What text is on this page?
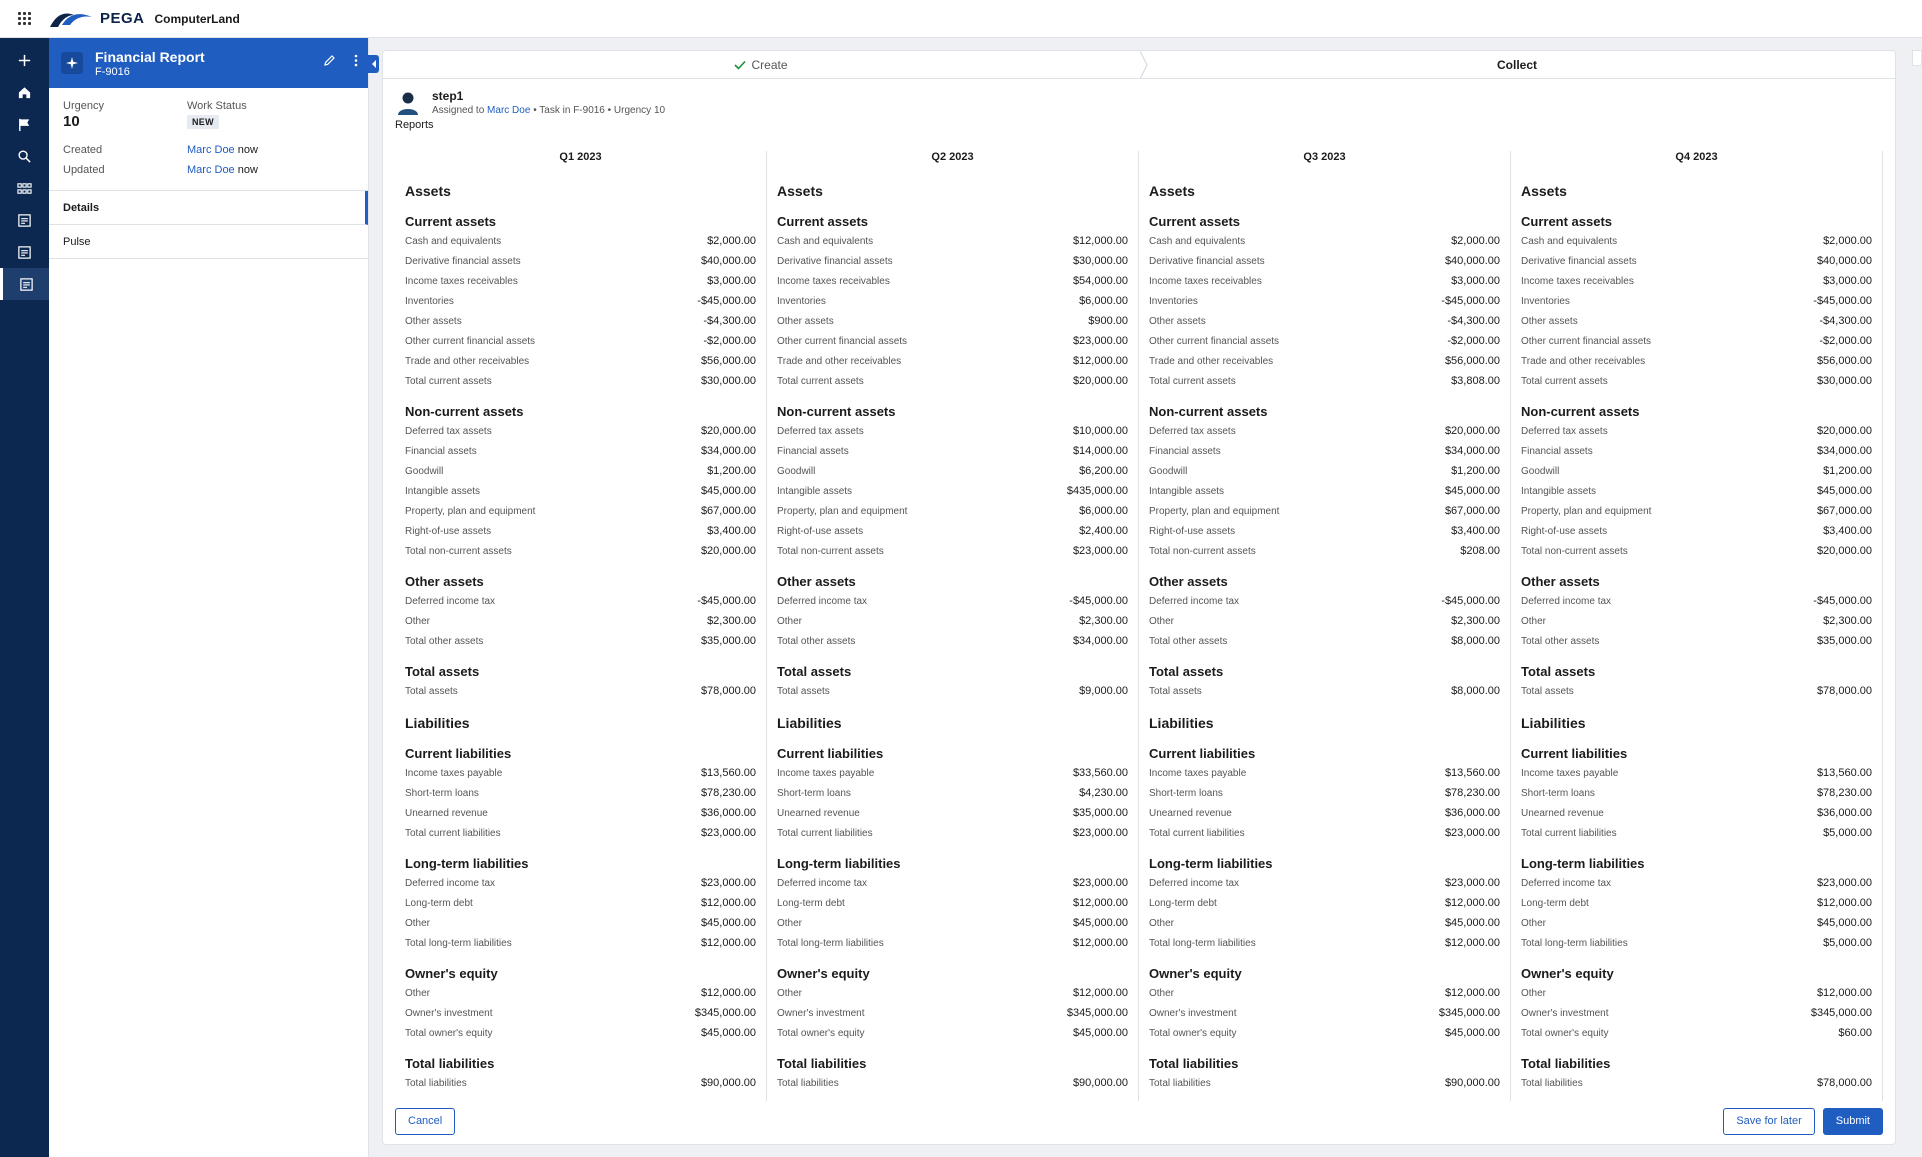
PEGA ComputerLand
Financial Report
F-9016
Urgency
10
Work Status
NEW
Created	Marc Doe now
Updated	Marc Doe now
Details
Pulse
Create	Collect
step1
Assigned to Marc Doe • Task in F-9016 • Urgency 10
Reports
Q1 2023
Assets
Current assets
Cash and equivalents	$2,000.00
Derivative financial assets	$40,000.00
Income taxes receivables	$3,000.00
Inventories	-$45,000.00
Other assets	-$4,300.00
Other current financial assets	-$2,000.00
Trade and other receivables	$56,000.00
Total current assets	$30,000.00
Non-current assets
Deferred tax assets	$20,000.00
Financial assets	$34,000.00
Goodwill	$1,200.00
Intangible assets	$45,000.00
Property, plan and equipment	$67,000.00
Right-of-use assets	$3,400.00
Total non-current assets	$20,000.00
Other assets
Deferred income tax	-$45,000.00
Other	$2,300.00
Total other assets	$35,000.00
Total assets
Total assets	$78,000.00
Liabilities
Current liabilities
Income taxes payable	$13,560.00
Short-term loans	$78,230.00
Unearned revenue	$36,000.00
Total current liabilities	$23,000.00
Long-term liabilities
Deferred income tax	$23,000.00
Long-term debt	$12,000.00
Other	$45,000.00
Total long-term liabilities	$12,000.00
Owner's equity
Other	$12,000.00
Owner's investment	$345,000.00
Total owner's equity	$45,000.00
Total liabilities
Total liabilities	$90,000.00
Q2 2023
Assets
Current assets
Cash and equivalents	$12,000.00
Derivative financial assets	$30,000.00
Income taxes receivables	$54,000.00
Inventories	$6,000.00
Other assets	$900.00
Other current financial assets	$23,000.00
Trade and other receivables	$12,000.00
Total current assets	$20,000.00
Non-current assets
Deferred tax assets	$10,000.00
Financial assets	$14,000.00
Goodwill	$6,200.00
Intangible assets	$435,000.00
Property, plan and equipment	$6,000.00
Right-of-use assets	$2,400.00
Total non-current assets	$23,000.00
Other assets
Deferred income tax	-$45,000.00
Other	$2,300.00
Total other assets	$34,000.00
Total assets
Total assets	$9,000.00
Liabilities
Current liabilities
Income taxes payable	$33,560.00
Short-term loans	$4,230.00
Unearned revenue	$35,000.00
Total current liabilities	$23,000.00
Long-term liabilities
Deferred income tax	$23,000.00
Long-term debt	$12,000.00
Other	$45,000.00
Total long-term liabilities	$12,000.00
Owner's equity
Other	$12,000.00
Owner's investment	$345,000.00
Total owner's equity	$45,000.00
Total liabilities
Total liabilities	$90,000.00
Q3 2023
Assets
Current assets
Cash and equivalents	$2,000.00
Derivative financial assets	$40,000.00
Income taxes receivables	$3,000.00
Inventories	-$45,000.00
Other assets	-$4,300.00
Other current financial assets	-$2,000.00
Trade and other receivables	$56,000.00
Total current assets	$3,808.00
Non-current assets
Deferred tax assets	$20,000.00
Financial assets	$34,000.00
Goodwill	$1,200.00
Intangible assets	$45,000.00
Property, plan and equipment	$67,000.00
Right-of-use assets	$3,400.00
Total non-current assets	$208.00
Other assets
Deferred income tax	-$45,000.00
Other	$2,300.00
Total other assets	$8,000.00
Total assets
Total assets	$8,000.00
Liabilities
Current liabilities
Income taxes payable	$13,560.00
Short-term loans	$78,230.00
Unearned revenue	$36,000.00
Total current liabilities	$23,000.00
Long-term liabilities
Deferred income tax	$23,000.00
Long-term debt	$12,000.00
Other	$45,000.00
Total long-term liabilities	$12,000.00
Owner's equity
Other	$12,000.00
Owner's investment	$345,000.00
Total owner's equity	$45,000.00
Total liabilities
Total liabilities	$90,000.00
Q4 2023
Assets
Current assets
Cash and equivalents	$2,000.00
Derivative financial assets	$40,000.00
Income taxes receivables	$3,000.00
Inventories	-$45,000.00
Other assets	-$4,300.00
Other current financial assets	-$2,000.00
Trade and other receivables	$56,000.00
Total current assets	$30,000.00
Non-current assets
Deferred tax assets	$20,000.00
Financial assets	$34,000.00
Goodwill	$1,200.00
Intangible assets	$45,000.00
Property, plan and equipment	$67,000.00
Right-of-use assets	$3,400.00
Total non-current assets	$20,000.00
Other assets
Deferred income tax	-$45,000.00
Other	$2,300.00
Total other assets	$35,000.00
Total assets
Total assets	$78,000.00
Liabilities
Current liabilities
Income taxes payable	$13,560.00
Short-term loans	$78,230.00
Unearned revenue	$36,000.00
Total current liabilities	$5,000.00
Long-term liabilities
Deferred income tax	$23,000.00
Long-term debt	$12,000.00
Other	$45,000.00
Total long-term liabilities	$5,000.00
Owner's equity
Other	$12,000.00
Owner's investment	$345,000.00
Total owner's equity	$60.00
Total liabilities
Total liabilities	$78,000.00
Cancel	Save for later	Submit
